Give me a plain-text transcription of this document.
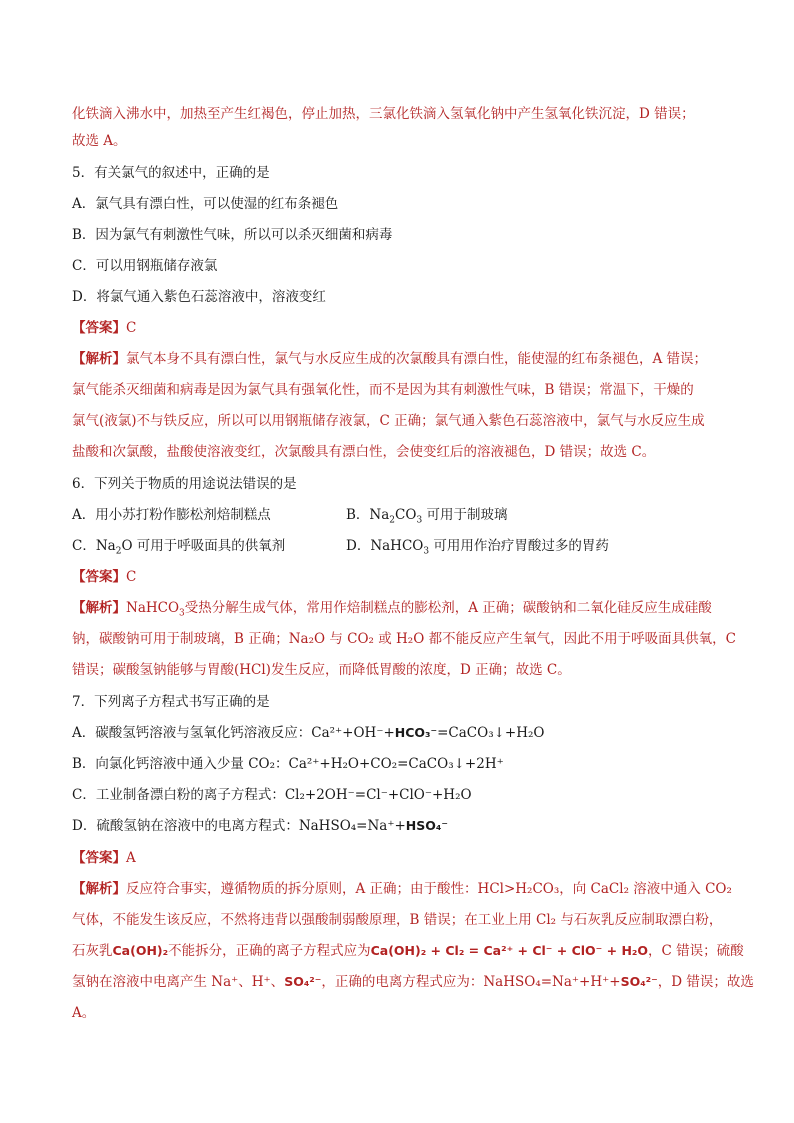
化铁滴入沸水中，加热至产生红褐色，停止加热，三氯化铁滴入氢氧化钠中产生氢氧化铁沉淀，D 错误；
故选 A。
5．有关氯气的叙述中，正确的是
A．氯气具有漂白性，可以使湿的红布条褪色
B．因为氯气有刺激性气味，所以可以杀灭细菌和病毒
C．可以用钢瓶储存液氯
D．将氯气通入紫色石蕊溶液中，溶液变红
【答案】C
【解析】氯气本身不具有漂白性，氯气与水反应生成的次氯酸具有漂白性，能使湿的红布条褪色，A 错误；
氯气能杀灭细菌和病毒是因为氯气具有强氧化性，而不是因为其有刺激性气味，B 错误；常温下，干燥的
氯气(液氯)不与铁反应，所以可以用钢瓶储存液氯，C 正确；氯气通入紫色石蕊溶液中，氯气与水反应生成
盐酸和次氯酸，盐酸使溶液变红，次氯酸具有漂白性，会使变红后的溶液褪色，D 错误；故选 C。
6．下列关于物质的用途说法错误的是
A．用小苏打粉作膨松剂焙制糕点	B．$Na_2CO_3$ 可用于制玻璃
C．$Na_2O$ 可用于呼吸面具的供氧剂	D．NaHCO$_3$ 可用用作治疗胃酸过多的胃药
【答案】C
【解析】NaHCO$_3$受热分解生成气体，常用作焙制糕点的膨松剂，A 正确；碳酸钠和二氧化硅反应生成硅酸
钠，碳酸钠可用于制玻璃，B 正确；Na₂O 与 CO₂ 或 H₂O 都不能反应产生氧气，因此不用于呼吸面具供氧，C
错误；碳酸氢钠能够与胃酸(HCl)发生反应，而降低胃酸的浓度，D 正确；故选 C。
7．下列离子方程式书写正确的是
A．碳酸氢钙溶液与氢氧化钙溶液反应：Ca²⁺+OH⁻+HCO₃⁻=CaCO₃↓+H₂O
B．向氯化钙溶液中通入少量 CO₂：Ca²⁺+H₂O+CO₂=CaCO₃↓+2H⁺
C．工业制备漂白粉的离子方程式：Cl₂+2OH⁻=Cl⁻+ClO⁻+H₂O
D．硫酸氢钠在溶液中的电离方程式：NaHSO₄=Na⁺+HSO₄⁻
【答案】A
【解析】反应符合事实，遵循物质的拆分原则，A 正确；由于酸性：HCl>H₂CO₃，向 CaCl₂ 溶液中通入 CO₂
气体，不能发生该反应，不然将违背以强酸制弱酸原理，B 错误；在工业上用 Cl₂ 与石灰乳反应制取漂白粉，
石灰乳Ca(OH)₂不能拆分，正确的离子方程式应为Ca(OH)₂ + Cl₂ = Ca²⁺ + Cl⁻ + ClO⁻ + H₂O，C 错误；硫酸
氢钠在溶液中电离产生 Na⁺、H⁺、SO₄²⁻，正确的电离方程式应为：NaHSO₄=Na⁺+H⁺+SO₄²⁻，D 错误；故选
A。
